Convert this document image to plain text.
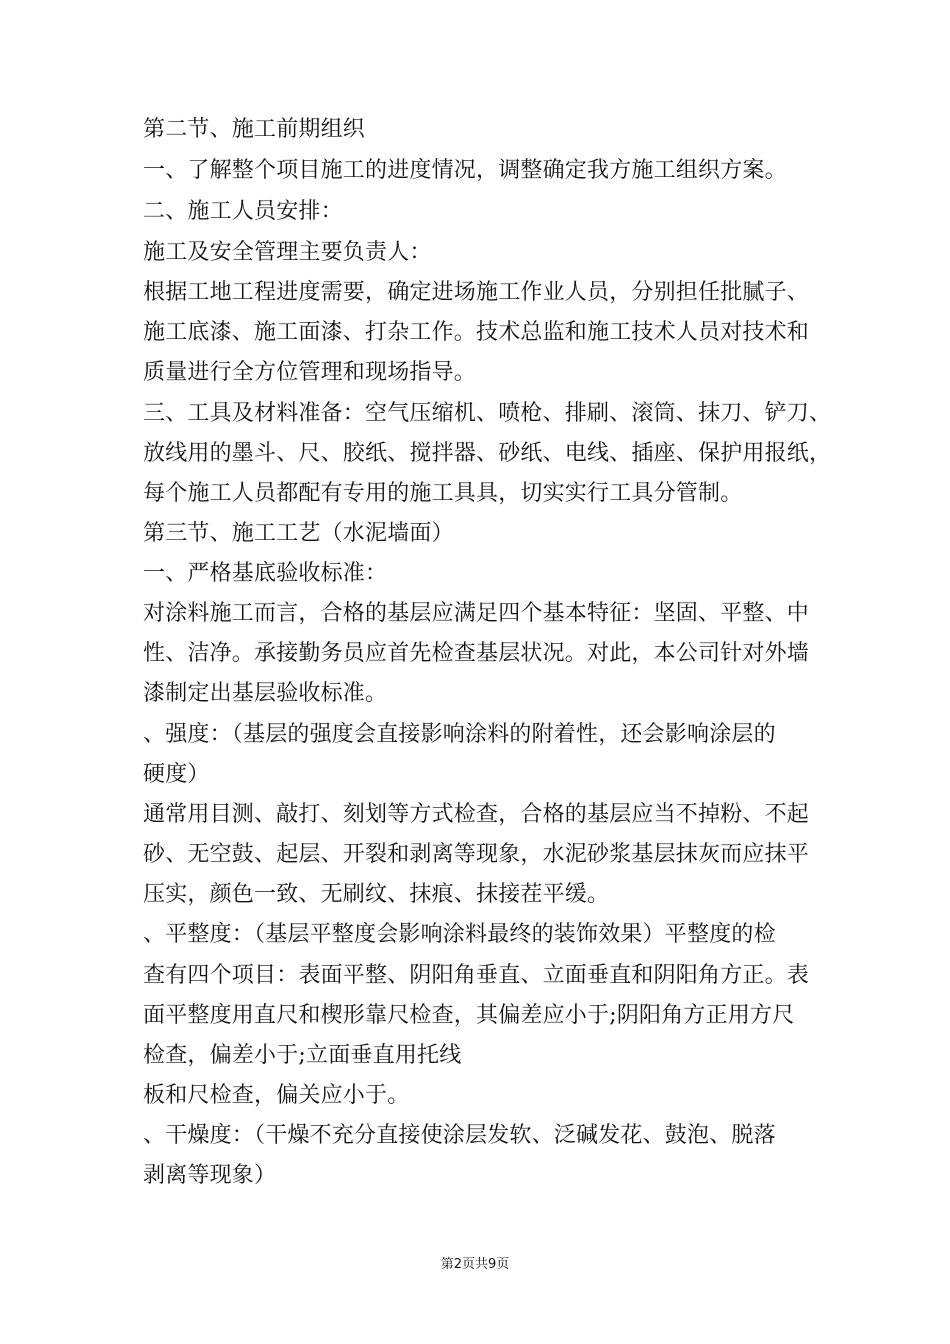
第二节、施工前期组织
一、了解整个项目施工的进度情况，调整确定我方施工组织方案。
二、施工人员安排：
施工及安全管理主要负责人：
根据工地工程进度需要，确定进场施工作业人员，分别担任批腻子、
施工底漆、施工面漆、打杂工作。技术总监和施工技术人员对技术和
质量进行全方位管理和现场指导。
三、工具及材料准备：空气压缩机、喷枪、排刷、滚筒、抹刀、铲刀、
放线用的墨斗、尺、胶纸、搅拌器、砂纸、电线、插座、保护用报纸，
每个施工人员都配有专用的施工具具，切实实行工具分管制。
第三节、施工工艺（水泥墙面）
一、严格基底验收标准：
对涂料施工而言，合格的基层应满足四个基本特征：坚固、平整、中
性、洁净。承接勤务员应首先检查基层状况。对此，本公司针对外墙
漆制定出基层验收标准。
、强度：（基层的强度会直接影响涂料的附着性，还会影响涂层的
硬度）
通常用目测、敲打、刻划等方式检查，合格的基层应当不掉粉、不起
砂、无空鼓、起层、开裂和剥离等现象，水泥砂浆基层抹灰而应抹平
压实，颜色一致、无刷纹、抹痕、抹接茬平缓。
、平整度：（基层平整度会影响涂料最终的装饰效果）平整度的检
查有四个项目：表面平整、阴阳角垂直、立面垂直和阴阳角方正。表
面平整度用直尺和楔形靠尺检查，其偏差应小于;阴阳角方正用方尺
检查，偏差小于;立面垂直用托线
板和尺检查，偏关应小于。
、干燥度：（干燥不充分直接使涂层发软、泛碱发花、鼓泡、脱落
剥离等现象）
第2页共9页
